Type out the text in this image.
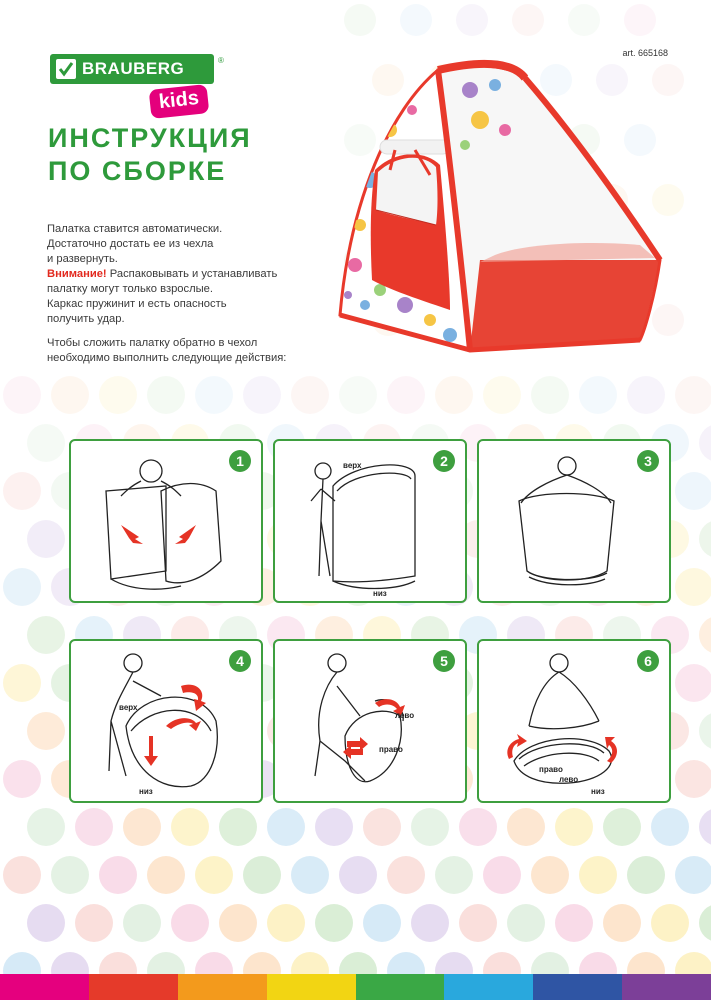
BRAUBERG	®
kids
art. 665168
ИНСТРУКЦИЯ
ПО СБОРКЕ

Палатка ставится автоматически.

Достаточно достать ее из чехла

и развернуть.

Внимание! Распаковывать и устанавливать

палатку могут только взрослые.

Каркас пружинит и есть опасность

получить удар.

Чтобы сложить палатку обратно в чехол

необходимо выполнить следующие действия:

1	верх
низ
2	3
верх
низ
4
лево
право
5
право
лево
низ
6
